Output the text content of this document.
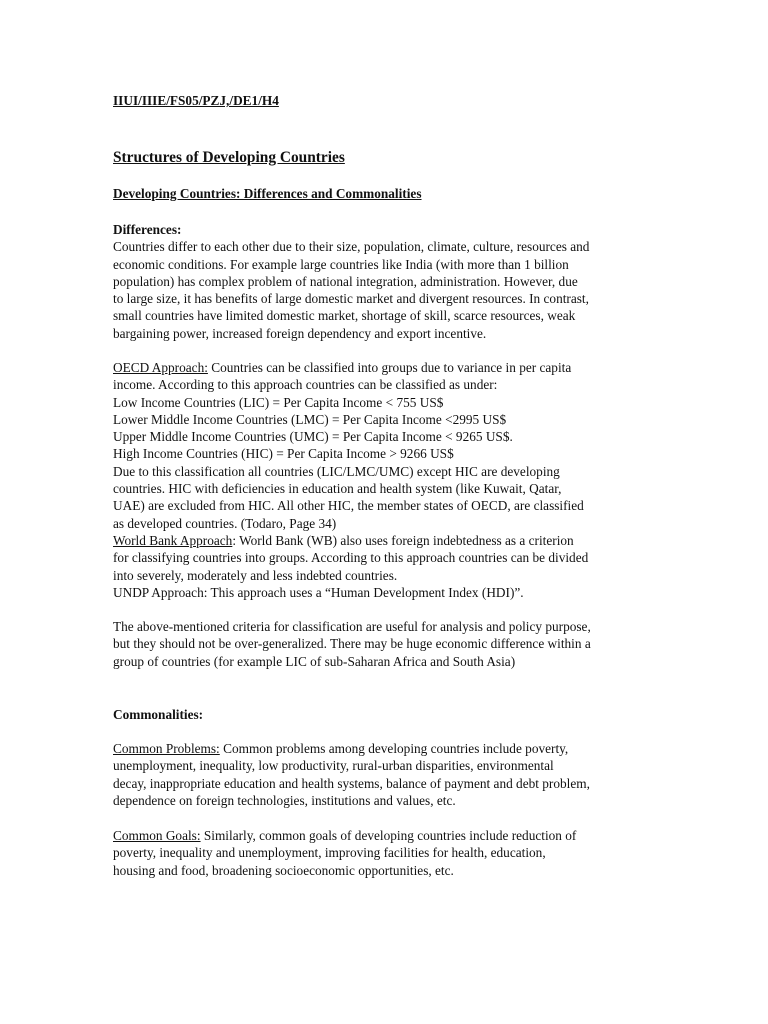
IIUI/IIIE/FS05/PZJ,/DE1/H4
Structures of Developing Countries
Developing Countries: Differences and Commonalities
Differences:
Countries differ to each other due to their size, population, climate, culture, resources and
economic conditions. For example large countries like India (with more than 1 billion
population) has complex problem of national integration, administration. However, due
to large size, it has benefits of large domestic market and divergent resources. In contrast,
small countries have limited domestic market, shortage of skill, scarce resources, weak
bargaining power, increased foreign dependency and export incentive.
OECD Approach: Countries can be classified into groups due to variance in per capita
income. According to this approach countries can be classified as under:
Low Income Countries (LIC) = Per Capita Income < 755 US$
Lower Middle Income Countries (LMC) = Per Capita Income <2995 US$
Upper Middle Income Countries (UMC) = Per Capita Income < 9265 US$.
High Income Countries (HIC) = Per Capita Income > 9266 US$
Due to this classification all countries (LIC/LMC/UMC) except HIC are developing
countries. HIC with deficiencies in education and health system (like Kuwait, Qatar,
UAE) are excluded from HIC. All other HIC, the member states of OECD, are classified
as developed countries. (Todaro, Page 34)
World Bank Approach: World Bank (WB) also uses foreign indebtedness as a criterion
for classifying countries into groups. According to this approach countries can be divided
into severely, moderately and less indebted countries.
UNDP Approach: This approach uses a “Human Development Index (HDI)”.
The above-mentioned criteria for classification are useful for analysis and policy purpose,
but they should not be over-generalized. There may be huge economic difference within a
group of countries (for example LIC of sub-Saharan Africa and South Asia)
Commonalities:
Common Problems: Common problems among developing countries include poverty,
unemployment, inequality, low productivity, rural-urban disparities, environmental
decay, inappropriate education and health systems, balance of payment and debt problem,
dependence on foreign technologies, institutions and values, etc.
Common Goals: Similarly, common goals of developing countries include reduction of
poverty, inequality and unemployment, improving facilities for health, education,
housing and food, broadening socioeconomic opportunities, etc.
